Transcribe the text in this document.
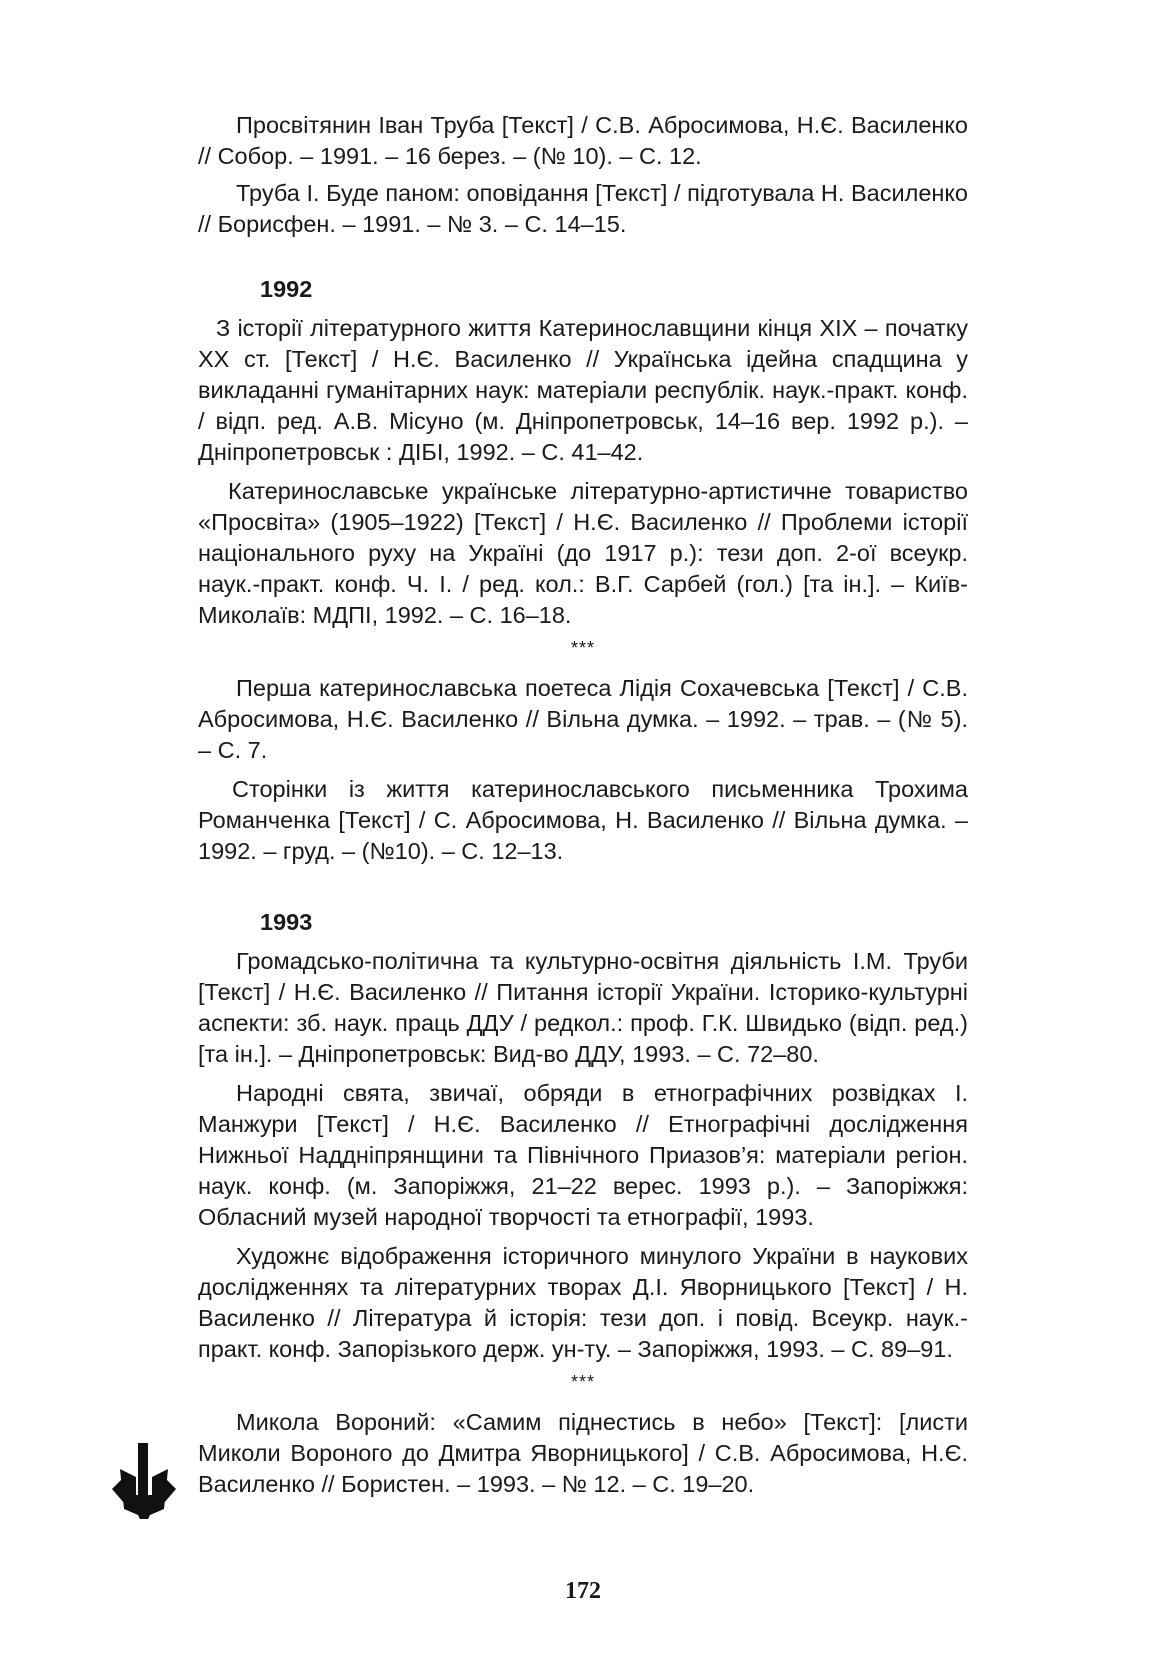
Просвітянин Іван Труба [Текст] / С.В. Абросимова, Н.Є. Василенко // Собор. – 1991. – 16 берез. – (№ 10). – С. 12.

Труба І. Буде паном: оповідання [Текст] / підготувала Н. Василенко // Борисфен. – 1991. – № 3. – С. 14–15.

1992

З історії літературного життя Катеринославщини кінця ХІХ – початку ХХ ст. [Текст] / Н.Є. Василенко // Українська ідейна спадщина у викладанні гуманітарних наук: матеріали республік. наук.-практ. конф. / відп. ред. А.В. Місуно (м. Дніпропетровськ, 14–16 вер. 1992 р.). – Дніпропетровськ : ДІБІ, 1992. – С. 41–42.

Катеринославське українське літературно-артистичне товариство «Просвіта» (1905–1922) [Текст] / Н.Є. Василенко // Проблеми історії національного руху на Україні (до 1917 р.): тези доп. 2-ої всеукр. наук.-практ. конф. Ч. І. / ред. кол.: В.Г. Сарбей (гол.) [та ін.]. – Київ-Миколаїв: МДПІ, 1992. – С. 16–18.

***

Перша катеринославська поетеса Лідія Сохачевська [Текст] / С.В. Абросимова, Н.Є. Василенко // Вільна думка. – 1992. – трав. – (№ 5). – С. 7.

Сторінки із життя катеринославського письменника Трохима Романченка [Текст] / С. Абросимова, Н. Василенко // Вільна думка. – 1992. – груд. – (№10). – С. 12–13.

1993

Громадсько-політична та культурно-освітня діяльність І.М. Труби [Текст] / Н.Є. Василенко // Питання історії України. Історико-культурні аспекти: зб. наук. праць ДДУ / редкол.: проф. Г.К. Швидько (відп. ред.) [та ін.]. – Дніпропетровськ: Вид-во ДДУ, 1993. – С. 72–80.

Народні свята, звичаї, обряди в етнографічних розвідках І. Манжури [Текст] / Н.Є. Василенко // Етнографічні дослідження Нижньої Наддніпрянщини та Північного Приазов’я: матеріали регіон. наук. конф. (м. Запоріжжя, 21–22 верес. 1993 р.). – Запоріжжя: Обласний музей народної творчості та етнографії, 1993.

Художнє відображення історичного минулого України в наукових дослідженнях та літературних творах Д.І. Яворницького [Текст] / Н. Василенко // Література й історія: тези доп. і повід. Всеукр. наук.-практ. конф. Запорізького держ. ун-ту. – Запоріжжя, 1993. – С. 89–91.

***

Микола Вороний: «Самим піднестись в небо» [Текст]: [листи Миколи Вороного до Дмитра Яворницького] / С.В. Абросимова, Н.Є. Василенко // Бористен. – 1993. – № 12. – С. 19–20.

172
